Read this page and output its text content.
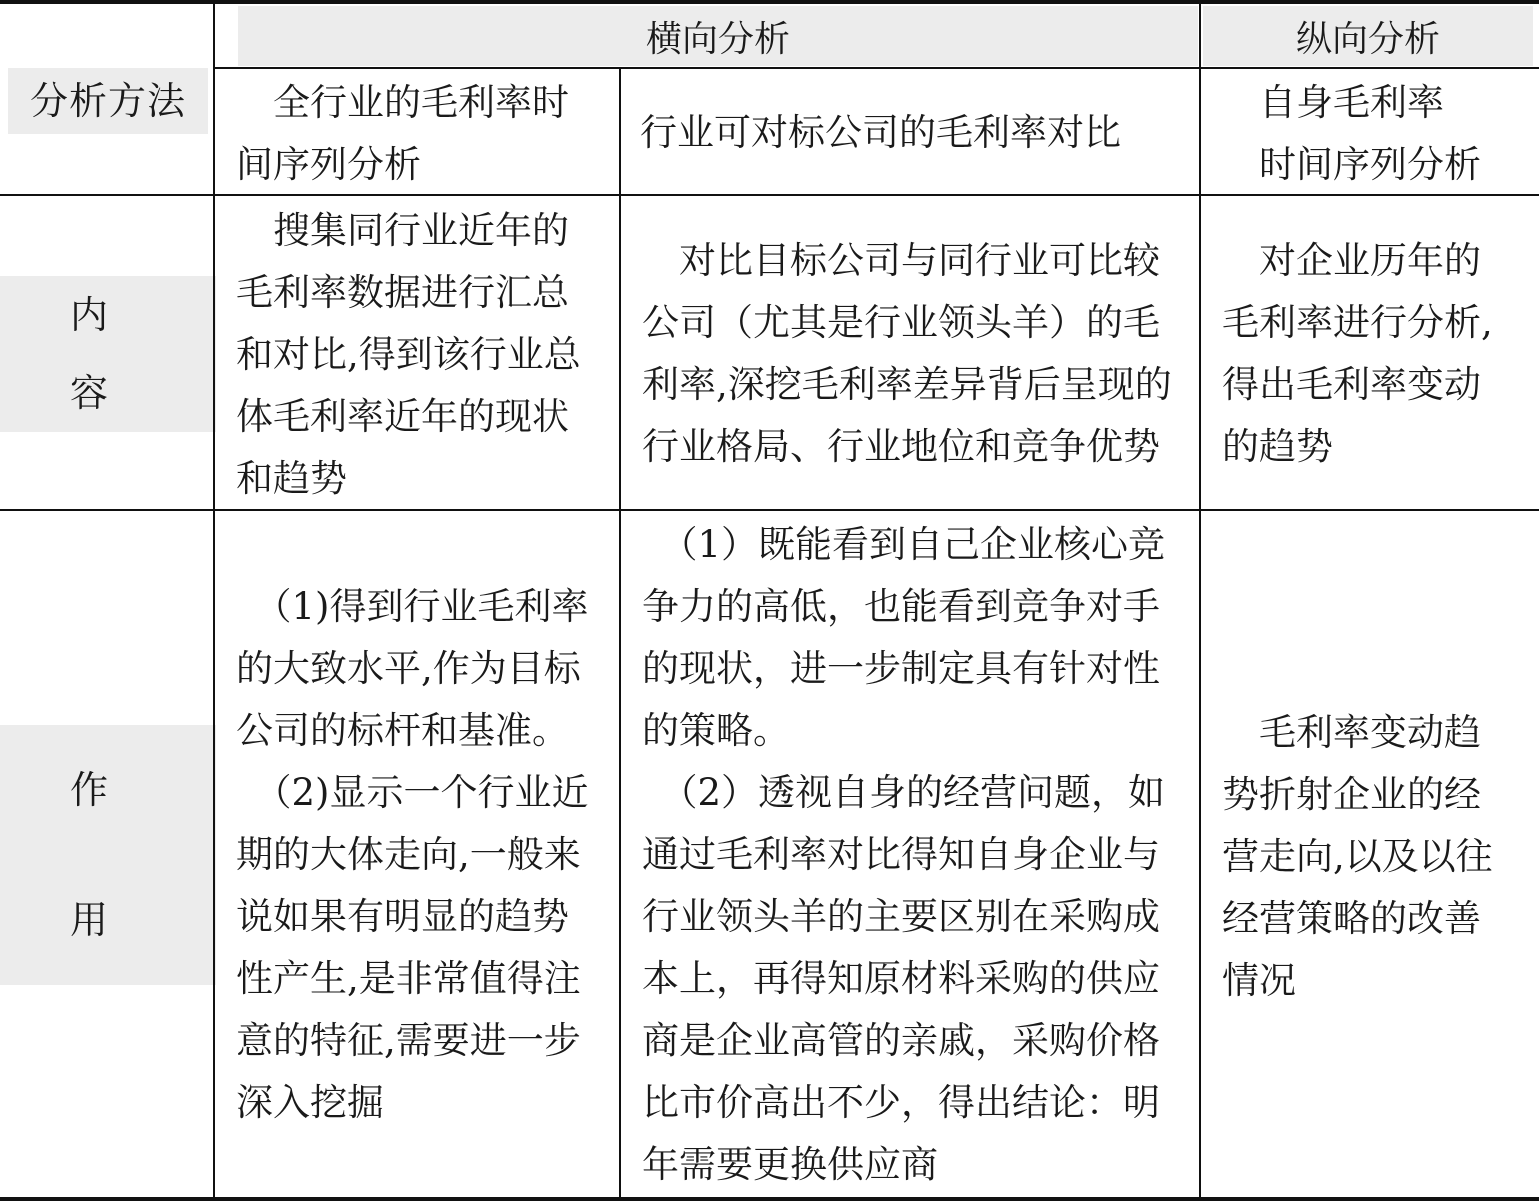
横向分析	纵向分析
分析方法
内容
作用
　全行业的毛利率时
间序列分析
行业可对标公司的毛利率对比
　自身毛利率
　时间序列分析
　搜集同行业近年的
毛利率数据进行汇总
和对比,得到该行业总
体毛利率近年的现状
和趋势
　对比目标公司与同行业可比较
公司（尤其是行业领头羊）的毛
利率,深挖毛利率差异背后呈现的
行业格局、行业地位和竞争优势
　对企业历年的
毛利率进行分析,
得出毛利率变动
的趋势
　（1)得到行业毛利率
的大致水平,作为目标
公司的标杆和基准。
　（2)显示一个行业近
期的大体走向,一般来
说如果有明显的趋势
性产生,是非常值得注
意的特征,需要进一步
深入挖掘
　（1）既能看到自己企业核心竞
争力的高低，也能看到竞争对手
的现状，进一步制定具有针对性
的策略。
　（2）透视自身的经营问题，如
通过毛利率对比得知自身企业与
行业领头羊的主要区别在采购成
本上，再得知原材料采购的供应
商是企业高管的亲戚，采购价格
比市价高出不少，得出结论：明
年需要更换供应商
　毛利率变动趋
势折射企业的经
营走向,以及以往
经营策略的改善
情况
